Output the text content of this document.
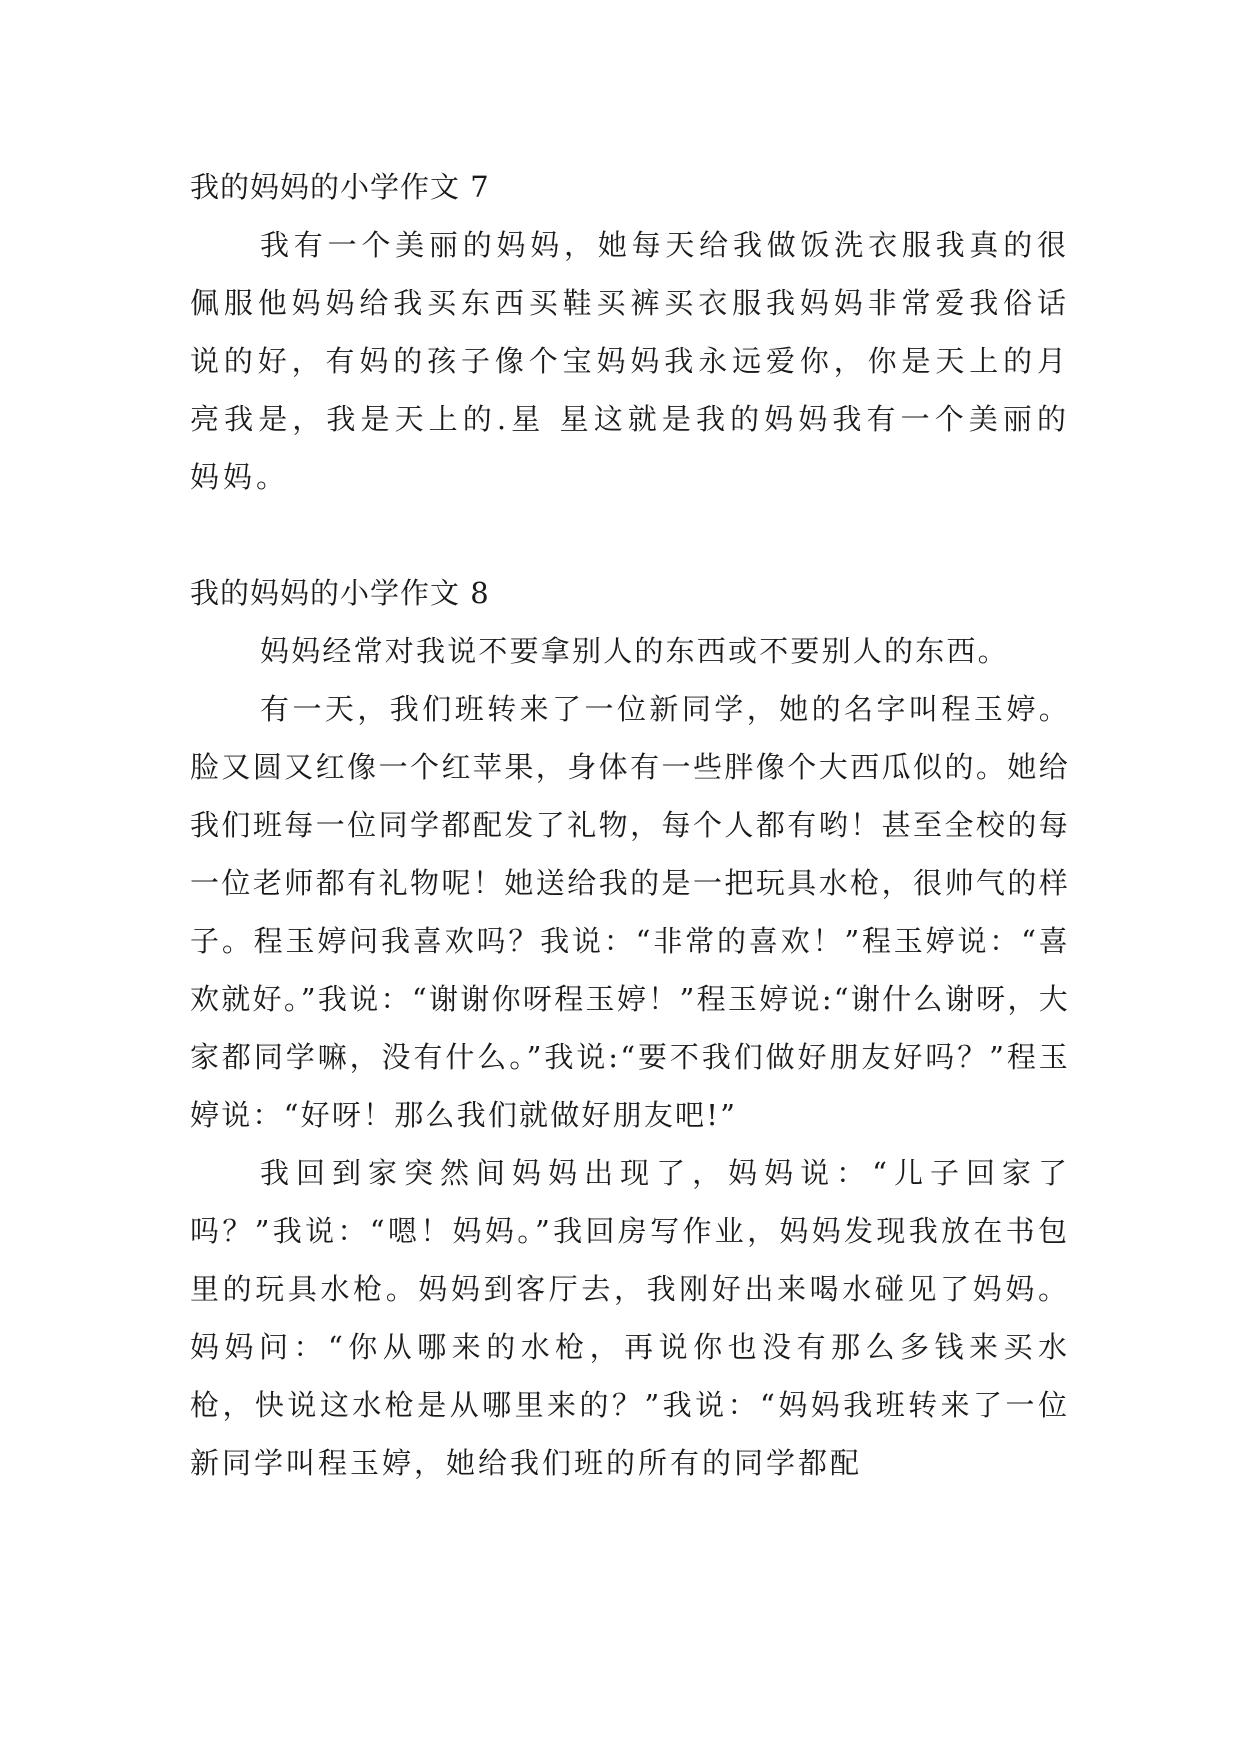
我的妈妈的小学作文 7

我有一个美丽的妈妈，她每天给我做饭洗衣服我真的很佩服他妈妈给我买东西买鞋买裤买衣服我妈妈非常爱我俗话说的好，有妈的孩子像个宝妈妈我永远爱你，你是天上的月亮我是，我是天上的.星 星这就是我的妈妈我有一个美丽的妈妈。

我的妈妈的小学作文 8

妈妈经常对我说不要拿别人的东西或不要别人的东西。

有一天，我们班转来了一位新同学，她的名字叫程玉婷。脸又圆又红像一个红苹果，身体有一些胖像个大西瓜似的。她给我们班每一位同学都配发了礼物，每个人都有哟！甚至全校的每一位老师都有礼物呢！她送给我的是一把玩具水枪，很帅气的样子。程玉婷问我喜欢吗？我说：“非常的喜欢！”程玉婷说：“喜欢就好。”我说：“谢谢你呀程玉婷！”程玉婷说:“谢什么谢呀，大家都同学嘛，没有什么。”我说:“要不我们做好朋友好吗？”程玉婷说：“好呀！那么我们就做好朋友吧!”

我回到家突然间妈妈出现了，妈妈说：“儿子回家了吗？”我说：“嗯！妈妈。”我回房写作业，妈妈发现我放在书包里的玩具水枪。妈妈到客厅去，我刚好出来喝水碰见了妈妈。妈妈问：“你从哪来的水枪，再说你也没有那么多钱来买水枪，快说这水枪是从哪里来的？”我说：“妈妈我班转来了一位新同学叫程玉婷，她给我们班的所有的同学都配
